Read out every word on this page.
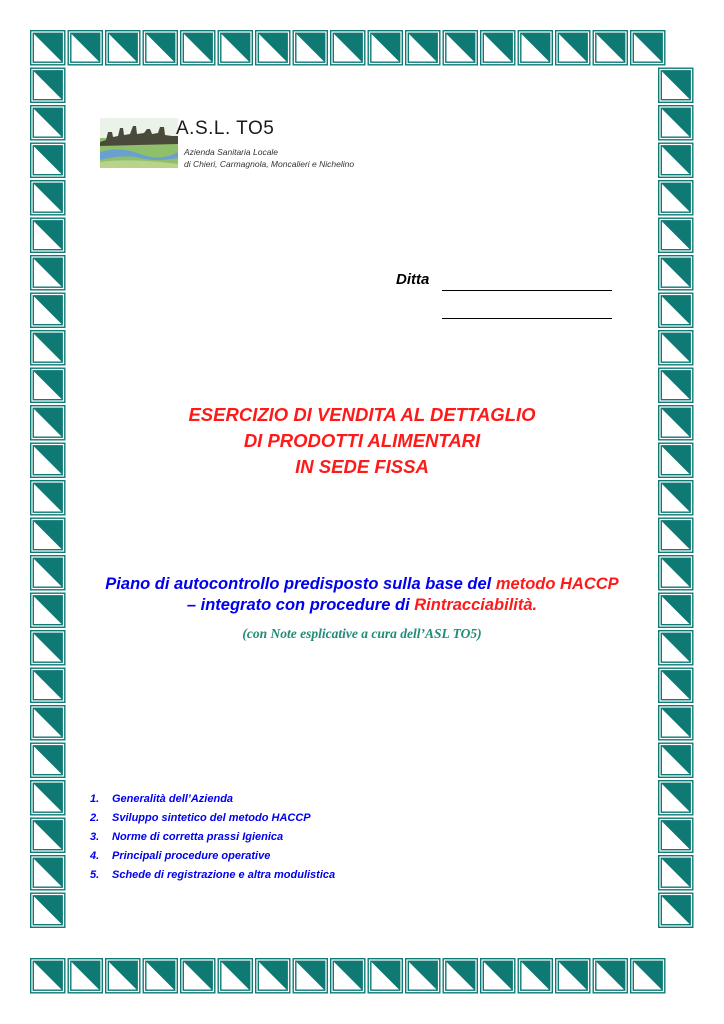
A.S.L. TO5
Azienda Sanitaria Locale
di Chieri, Carmagnola, Moncalieri e Nichelino
Ditta
ESERCIZIO DI VENDITA AL DETTAGLIO
DI PRODOTTI ALIMENTARI
IN SEDE FISSA
Piano di autocontrollo predisposto sulla base del metodo HACCP
– integrato con procedure di Rintracciabilità.
(con Note esplicative a cura dell’ASL TO5)
1. Generalità dell’Azienda
2. Sviluppo sintetico del metodo HACCP
3. Norme di corretta prassi Igienica
4. Principali procedure operative
5. Schede di registrazione e altra modulistica
